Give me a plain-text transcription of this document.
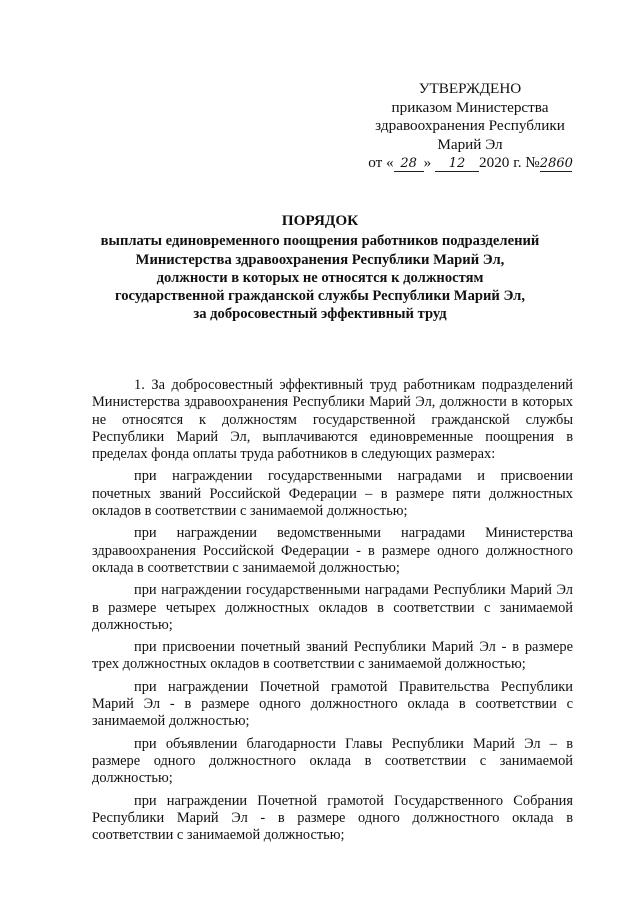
УТВЕРЖДЕНО
приказом Министерства
здравоохранения Республики
Марий Эл
от « 28 » 12 2020 г. №2860
ПОРЯДОК
выплаты единовременного поощрения работников подразделений
Министерства здравоохранения Республики Марий Эл,
должности в которых не относятся к должностям
государственной гражданской службы Республики Марий Эл,
за добросовестный эффективный труд

1. За добросовестный эффективный труд работникам подразделений Министерства здравоохранения Республики Марий Эл, должности в которых не относятся к должностям государственной гражданской службы Республики Марий Эл, выплачиваются единовременные поощрения в пределах фонда оплаты труда работников в следующих размерах:

при награждении государственными наградами и присвоении почетных званий Российской Федерации – в размере пяти должностных окладов в соответствии с занимаемой должностью;

при награждении ведомственными наградами Министерства здравоохранения Российской Федерации - в размере одного должностного оклада в соответствии с занимаемой должностью;

при награждении государственными наградами Республики Марий Эл в размере четырех должностных окладов в соответствии с занимаемой должностью;

при присвоении почетный званий Республики Марий Эл - в размере трех должностных окладов в соответствии с занимаемой должностью;

при награждении Почетной грамотой Правительства Республики Марий Эл - в размере одного должностного оклада в соответствии с занимаемой должностью;

при объявлении благодарности Главы Республики Марий Эл – в размере одного должностного оклада в соответствии с занимаемой должностью;

при награждении Почетной грамотой Государственного Собрания Республики Марий Эл - в размере одного должностного оклада в соответствии с занимаемой должностью;
